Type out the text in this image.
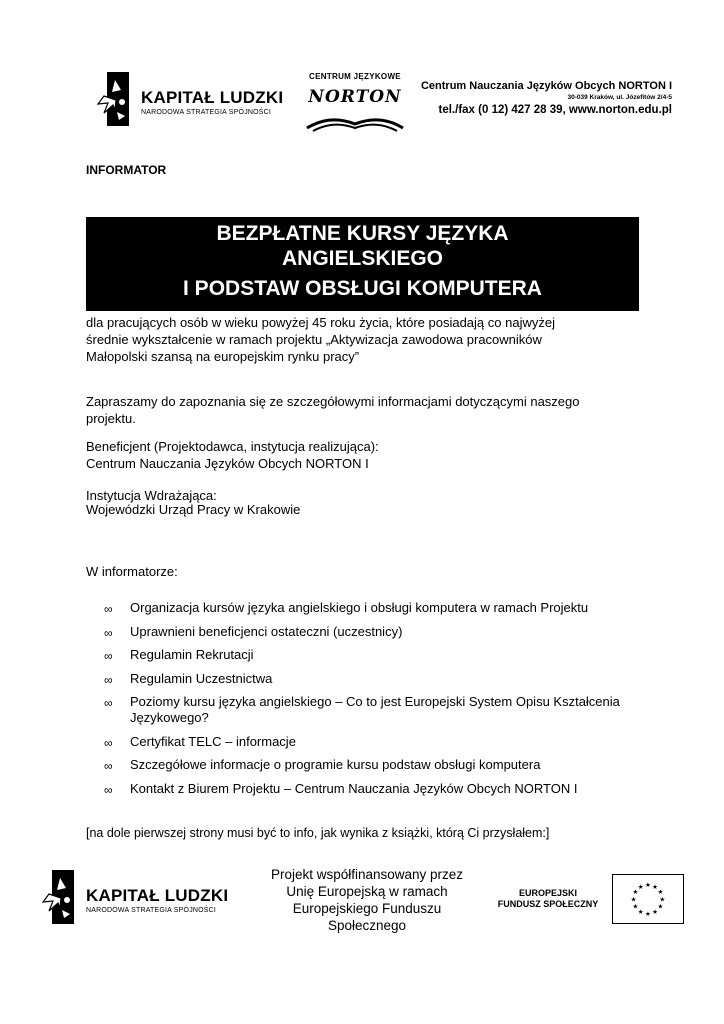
KAPITAŁ LUDZKI
NARODOWA STRATEGIA SPÓJNOŚCI
CENTRUM JĘZYKOWE
NORTON
Centrum Nauczania Języków Obcych NORTON I
30-039 Kraków, ul. Józefitów 2/4-5
tel./fax (0 12) 427 28 39, www.norton.edu.pl
INFORMATOR
BEZPŁATNE KURSY JĘZYKA
ANGIELSKIEGO
I PODSTAW OBSŁUGI KOMPUTERA
dla pracujących osób w wieku powyżej 45 roku życia, które posiadają co najwyżej
średnie wykształcenie w ramach projektu „Aktywizacja zawodowa pracowników
Małopolski szansą na europejskim rynku pracy”
Zapraszamy do zapoznania się ze szczegółowymi informacjami dotyczącymi naszego
projektu.
Beneficjent (Projektodawca, instytucja realizująca):
Centrum Nauczania Języków Obcych NORTON I
Instytucja Wdrażająca:
Wojewódzki Urząd Pracy w Krakowie
W informatorze:
∞ Organizacja kursów języka angielskiego i obsługi komputera w ramach Projektu
∞ Uprawnieni beneficjenci ostateczni (uczestnicy)
∞ Regulamin Rekrutacji
∞ Regulamin Uczestnictwa
∞ Poziomy kursu języka angielskiego – Co to jest Europejski System Opisu Kształcenia Językowego?
∞ Certyfikat TELC – informacje
∞ Szczegółowe informacje o programie kursu podstaw obsługi komputera
∞ Kontakt z Biurem Projektu – Centrum Nauczania Języków Obcych NORTON I
[na dole pierwszej strony musi być to info, jak wynika z książki, którą Ci przysłałem:]
KAPITAŁ LUDZKI
NARODOWA STRATEGIA SPÓJNOŚCI
Projekt współfinansowany przez
Unię Europejską w ramach
Europejskiego Funduszu
Społecznego
EUROPEJSKI
FUNDUSZ SPOŁECZNY
★ ★
★
★
★
★
★
★
★
★
★
★
